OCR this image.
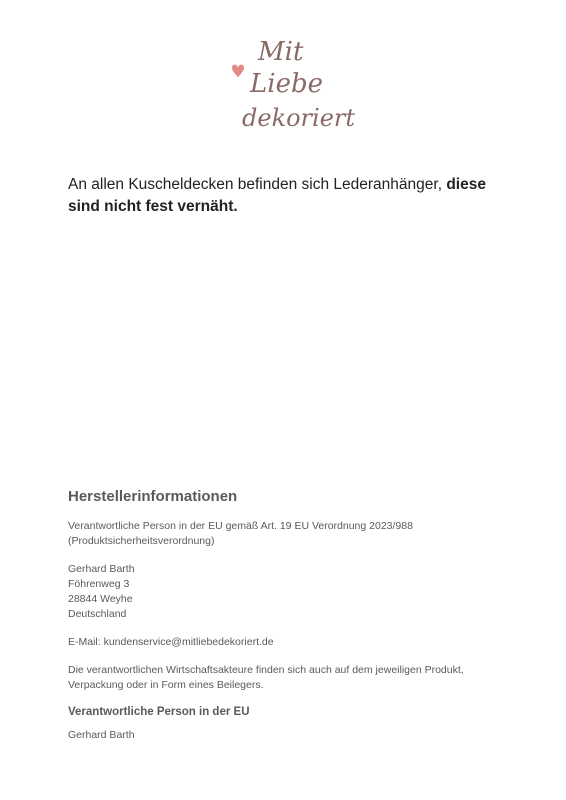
Mit
Liebe
dekoriert
An allen Kuscheldecken befinden sich Lederanhänger, diese sind nicht fest vernäht.
Herstellerinformationen

Verantwortliche Person in der EU gemäß Art. 19 EU Verordnung 2023/988

(Produktsicherheitsverordnung)

Gerhard Barth

Föhrenweg 3

28844 Weyhe

Deutschland

E-Mail: kundenservice@mitliebedekoriert.de

Die verantwortlichen Wirtschaftsakteure finden sich auch auf dem jeweiligen Produkt,

Verpackung oder in Form eines Beilegers.

Verantwortliche Person in der EU

Gerhard Barth
